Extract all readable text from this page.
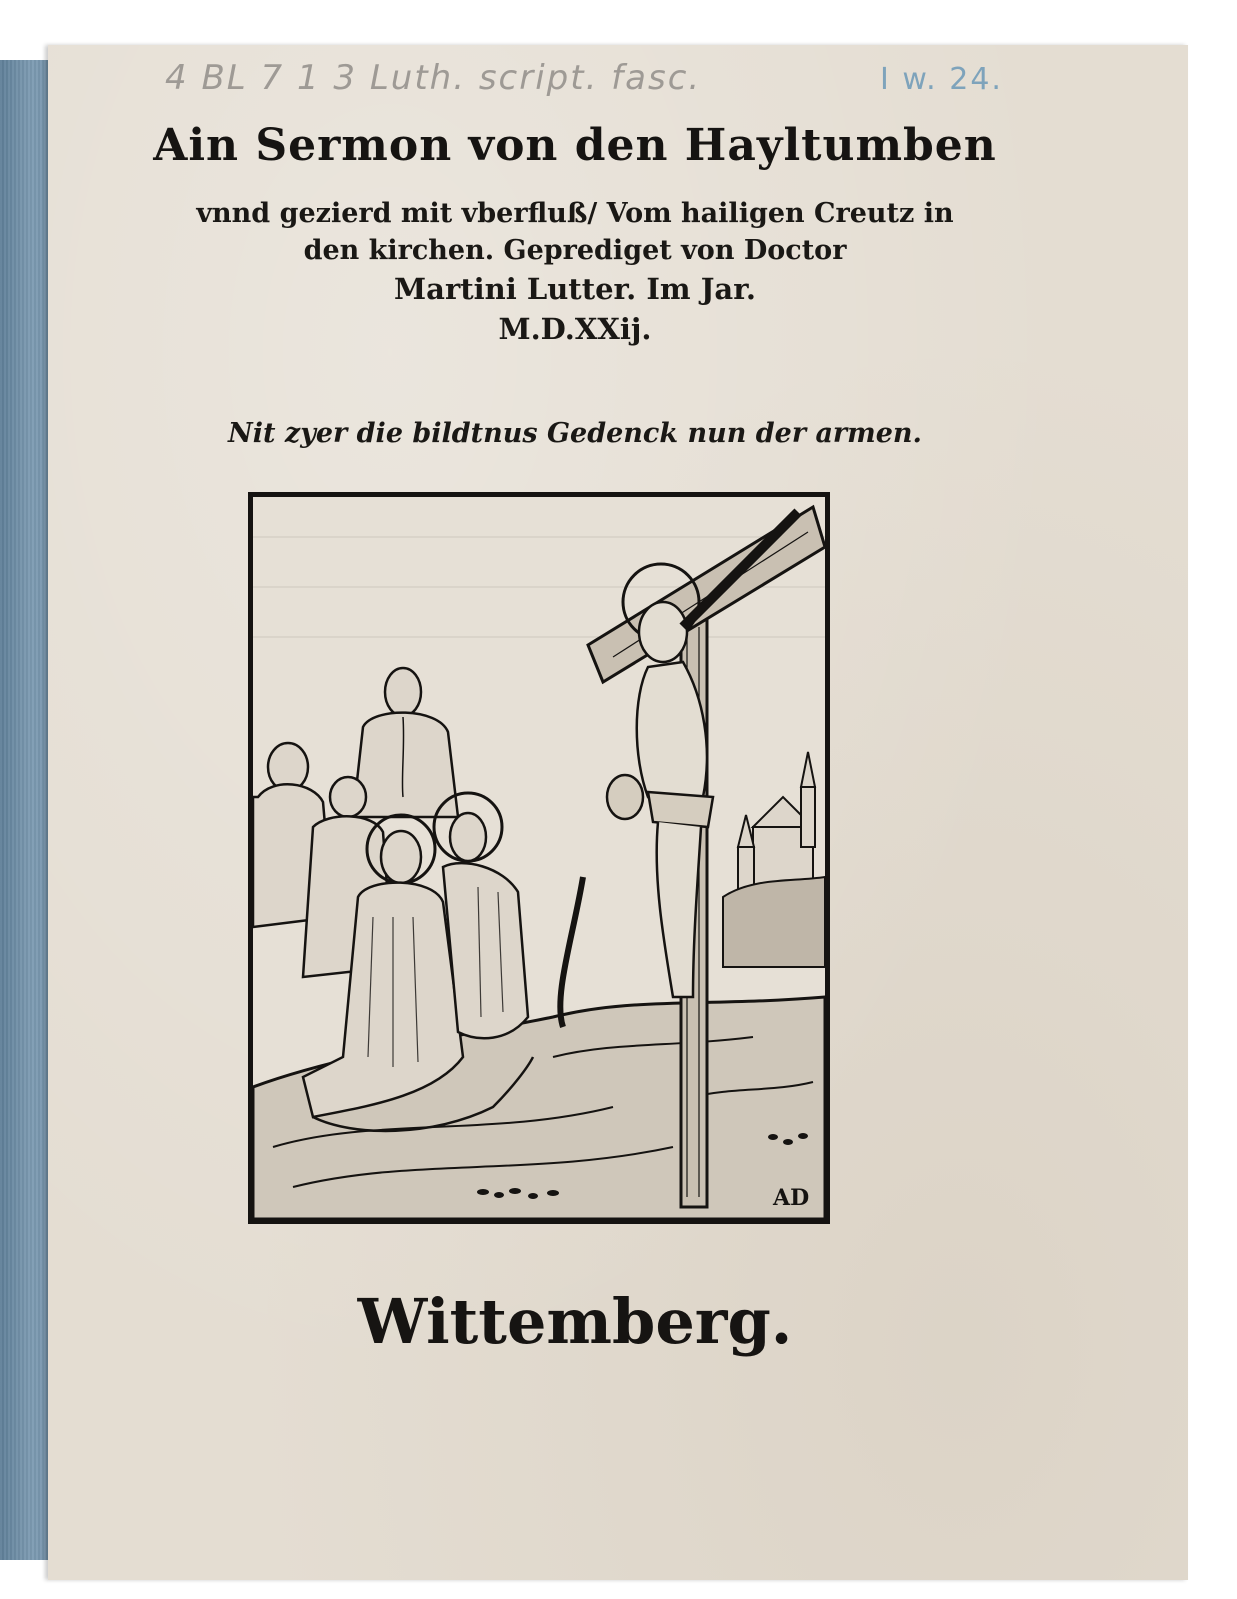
4 BL 7 1 3 Luth. script. fasc.	I w. 24.
Ain Sermon von den Hayltumben
vnnd gezierd mit vberfluß/ Vom hailigen Creutz in
den kirchen. Geprediget von Doctor
Martini Lutter. Im Jar.
M.D.XXij.
Nit zyer die bildtnus Gedenck nun der armen.
AD
Wittemberg.
